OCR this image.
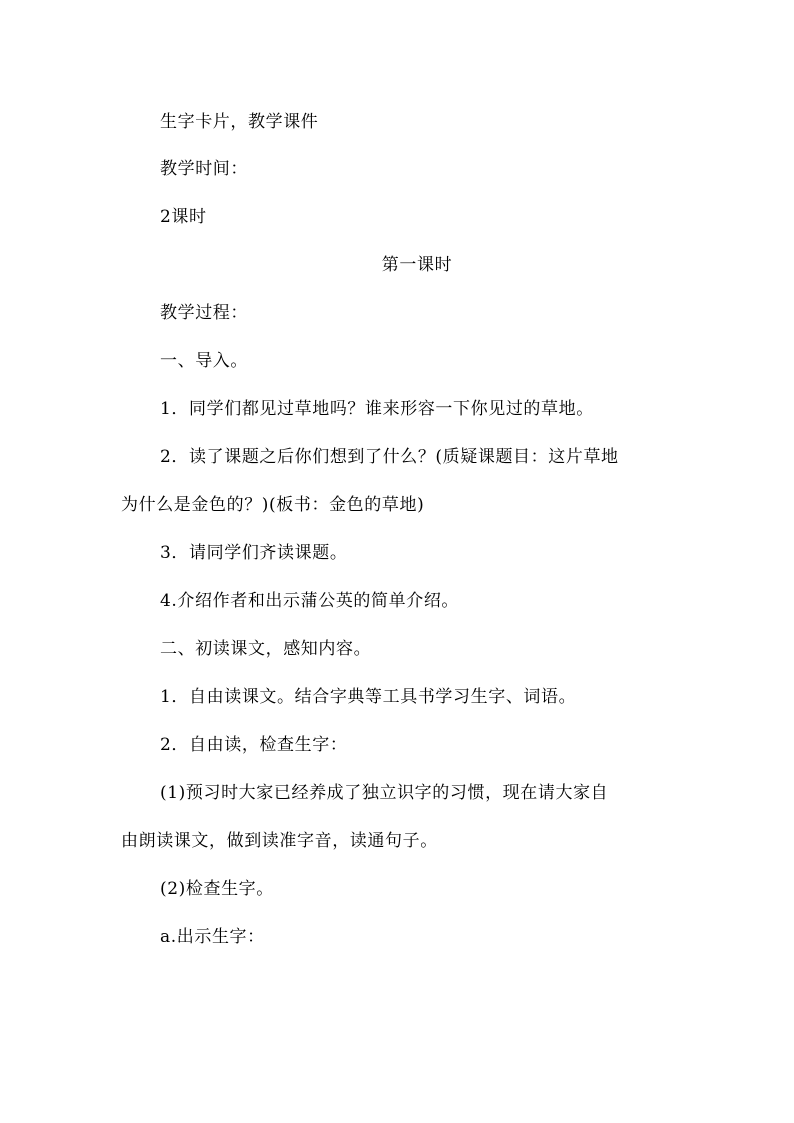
生字卡片，教学课件
教学时间：
2课时
第一课时
教学过程：
一、导入。
1．同学们都见过草地吗？谁来形容一下你见过的草地。
2．读了课题之后你们想到了什么？(质疑课题目：这片草地
为什么是金色的？)(板书：金色的草地)
3．请同学们齐读课题。
4.介绍作者和出示蒲公英的简单介绍。
二、初读课文，感知内容。
1．自由读课文。结合字典等工具书学习生字、词语。
2．自由读，检查生字：
(1)预习时大家已经养成了独立识字的习惯，现在请大家自
由朗读课文，做到读准字音，读通句子。
(2)检查生字。
a.出示生字：
